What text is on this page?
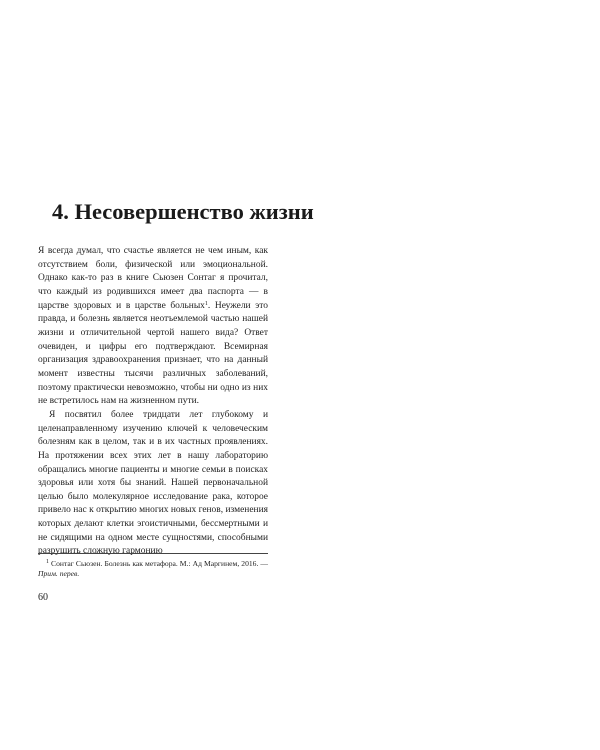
4. Несовершенство жизни

Я всегда думал, что счастье является не чем иным, как отсутствием боли, физической или эмоциональной. Однако как-то раз в книге Сьюзен Сонтаг я прочитал, что каждый из родившихся имеет два паспорта — в царстве здоровых и в царстве больных$^1$. Неужели это правда, и болезнь является неотъемлемой частью нашей жизни и отличительной чертой нашего вида? Ответ очевиден, и цифры его подтверждают. Всемирная организация здравоохранения признает, что на данный момент известны тысячи различных заболеваний, поэтому практически невозможно, чтобы ни одно из них не встретилось нам на жизненном пути.

Я посвятил более тридцати лет глубокому и целенаправленному изучению ключей к человеческим болезням как в целом, так и в их частных проявлениях. На протяжении всех этих лет в нашу лабораторию обращались многие пациенты и многие семьи в поисках здоровья или хотя бы знаний. Нашей первоначальной целью было молекулярное исследование рака, которое привело нас к открытию многих новых генов, изменения которых делают клетки эгоистичными, бессмертными и не сидящими на одном месте сущностями, способными разрушить сложную гармонию

$^1$ Сонтаг Сьюзен. Болезнь как метафора. М.: Ад Маргинем, 2016. — Прим. перев.

60
